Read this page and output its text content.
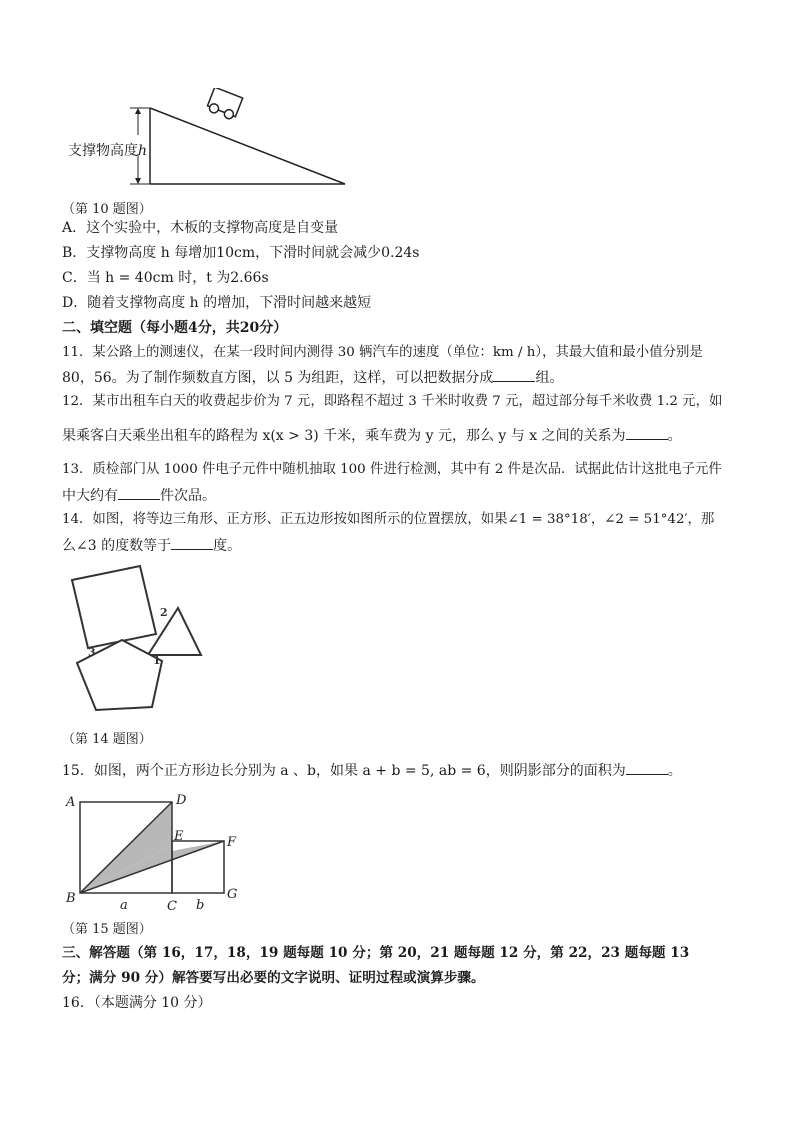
支撑物高度h
（第 10 题图）
A．这个实验中，木板的支撑物高度是自变量
B．支撑物高度 h 每增加10cm，下滑时间就会减少0.24s
C．当 h = 40cm 时，t 为2.66s
D．随着支撑物高度 h 的增加，下滑时间越来越短
二、填空题（每小题4分，共20分）
11．某公路上的测速仪，在某一段时间内测得 30 辆汽车的速度（单位：km / h），其最大值和最小值分别是
80，56。为了制作频数直方图，以 5 为组距，这样，可以把数据分成	组。
12．某市出租车白天的收费起步价为 7 元，即路程不超过 3 千米时收费 7 元，超过部分每千米收费 1.2 元，如
果乘客白天乘坐出租车的路程为 x(x > 3) 千米，乘车费为 y 元，那么 y 与 x 之间的关系为	。
13．质检部门从 1000 件电子元件中随机抽取 100 件进行检测，其中有 2 件是次品．试据此估计这批电子元件
中大约有	件次品。
14．如图，将等边三角形、正方形、正五边形按如图所示的位置摆放，如果∠1 = 38°18′，∠2 = 51°42′，那
么∠3 的度数等于	度。
1
2
3
（第 14 题图）
15．如图，两个正方形边长分别为 a 、b，如果 a + b = 5, ab = 6，则阴影部分的面积为	。
A
B
C
D
E	F
G
a	b
（第 15 题图）
三、解答题（第 16，17，18，19 题每题 10 分；第 20，21 题每题 12 分，第 22，23 题每题 13
分；满分 90 分）解答要写出必要的文字说明、证明过程或演算步骤。
16．（本题满分 10 分）
